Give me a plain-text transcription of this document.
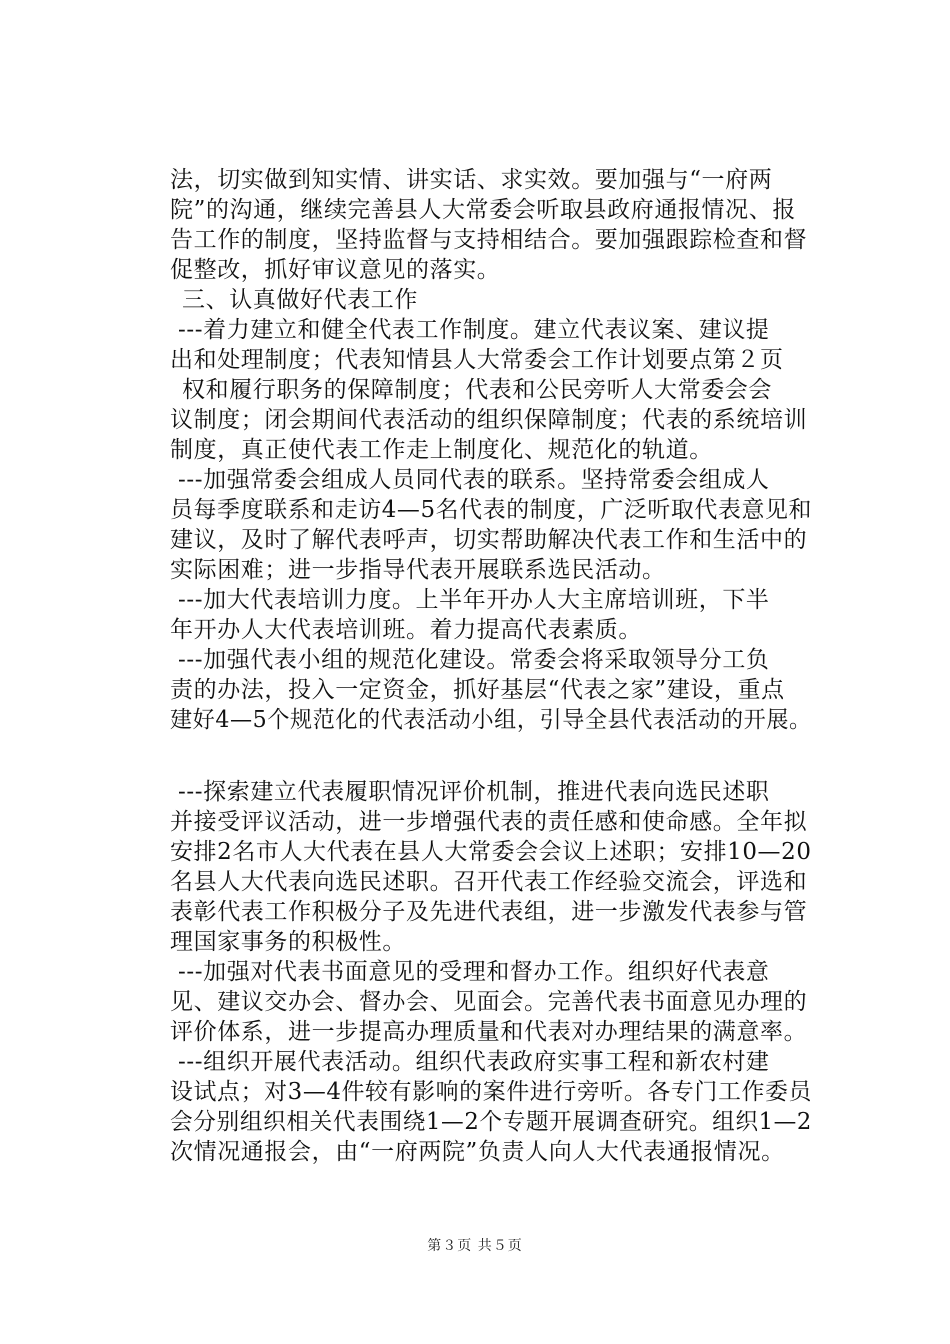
法，切实做到知实情、讲实话、求实效。要加强与“一府两
院”的沟通，继续完善县人大常委会听取县政府通报情况、报
告工作的制度，坚持监督与支持相结合。要加强跟踪检查和督
促整改，抓好审议意见的落实。
三、认真做好代表工作
---着力建立和健全代表工作制度。建立代表议案、建议提
出和处理制度；代表知情县人大常委会工作计划要点第２页
权和履行职务的保障制度；代表和公民旁听人大常委会会
议制度；闭会期间代表活动的组织保障制度；代表的系统培训
制度，真正使代表工作走上制度化、规范化的轨道。
---加强常委会组成人员同代表的联系。坚持常委会组成人
员每季度联系和走访4—5名代表的制度，广泛听取代表意见和
建议，及时了解代表呼声，切实帮助解决代表工作和生活中的
实际困难；进一步指导代表开展联系选民活动。
---加大代表培训力度。上半年开办人大主席培训班，下半
年开办人大代表培训班。着力提高代表素质。
---加强代表小组的规范化建设。常委会将采取领导分工负
责的办法，投入一定资金，抓好基层“代表之家”建设，重点
建好4—5个规范化的代表活动小组，引导全县代表活动的开展。
---探索建立代表履职情况评价机制，推进代表向选民述职
并接受评议活动，进一步增强代表的责任感和使命感。全年拟
安排2名市人大代表在县人大常委会会议上述职；安排10—20
名县人大代表向选民述职。召开代表工作经验交流会，评选和
表彰代表工作积极分子及先进代表组，进一步激发代表参与管
理国家事务的积极性。
---加强对代表书面意见的受理和督办工作。组织好代表意
见、建议交办会、督办会、见面会。完善代表书面意见办理的
评价体系，进一步提高办理质量和代表对办理结果的满意率。
---组织开展代表活动。组织代表政府实事工程和新农村建
设试点；对3—4件较有影响的案件进行旁听。各专门工作委员
会分别组织相关代表围绕1—2个专题开展调查研究。组织1—2
次情况通报会，由“一府两院”负责人向人大代表通报情况。
第３页 共５页
